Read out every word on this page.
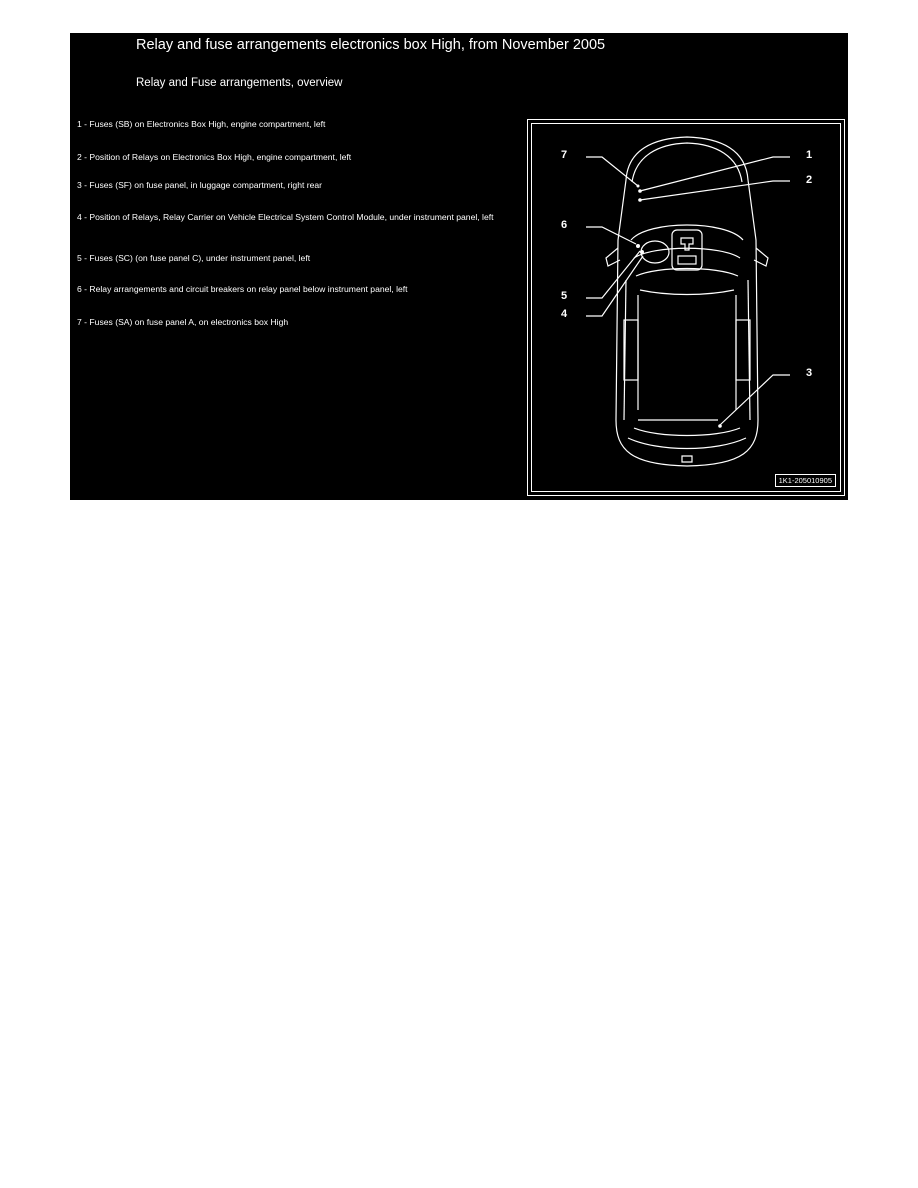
Relay and fuse arrangements electronics box High, from November 2005
Relay and Fuse arrangements, overview
1 - Fuses (SB) on Electronics Box High, engine compartment, left
2 - Position of Relays on Electronics Box High, engine compartment, left
3 - Fuses (SF) on fuse panel, in luggage compartment, right rear
4 - Position of Relays, Relay Carrier on Vehicle Electrical System Control Module, under instrument panel, left
5 - Fuses (SC) (on fuse panel C), under instrument panel, left
6 - Relay arrangements and circuit breakers on relay panel below instrument panel, left
7 - Fuses (SA) on fuse panel A, on electronics box High
7	1
2
6
5
4
3
1K1-205010905
